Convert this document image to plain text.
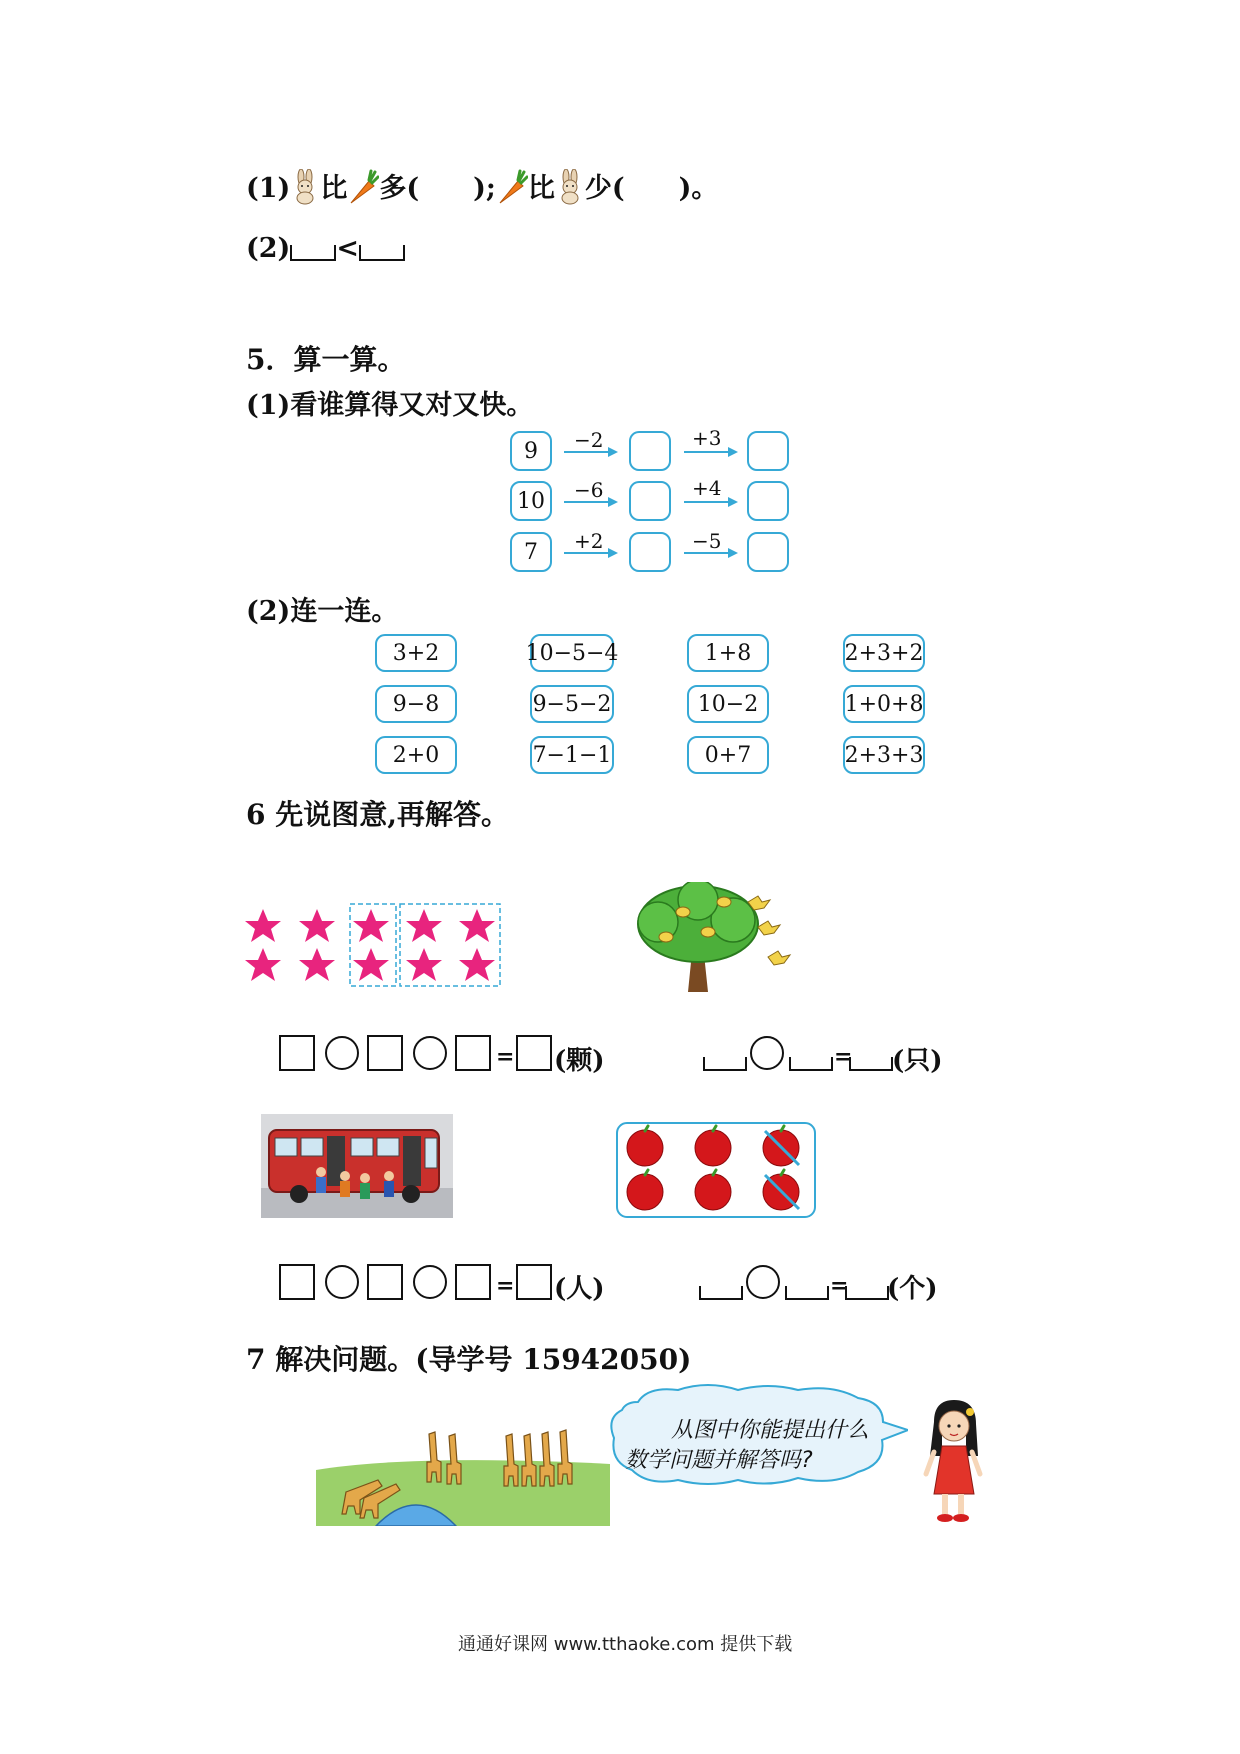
(1) 比 多( ); 比 少( )。
(2) <
5．算一算。
(1)看谁算得又对又快。
9	−2	+3
10	−6	+4
7	+2	−5
(2)连一连。
3+2	10−5−4	1+8	2+3+2
9−8	9−5−2	10−2	1+0+8
2+0	7−1−1	0+7	2+3+3
6 先说图意,再解答。
= (颗)	= (只)
= (人)	= (个)
7 解决问题。(导学号 15942050)
从图中你能提出什么
数学问题并解答吗?
通通好课网 www.tthaoke.com 提供下载
